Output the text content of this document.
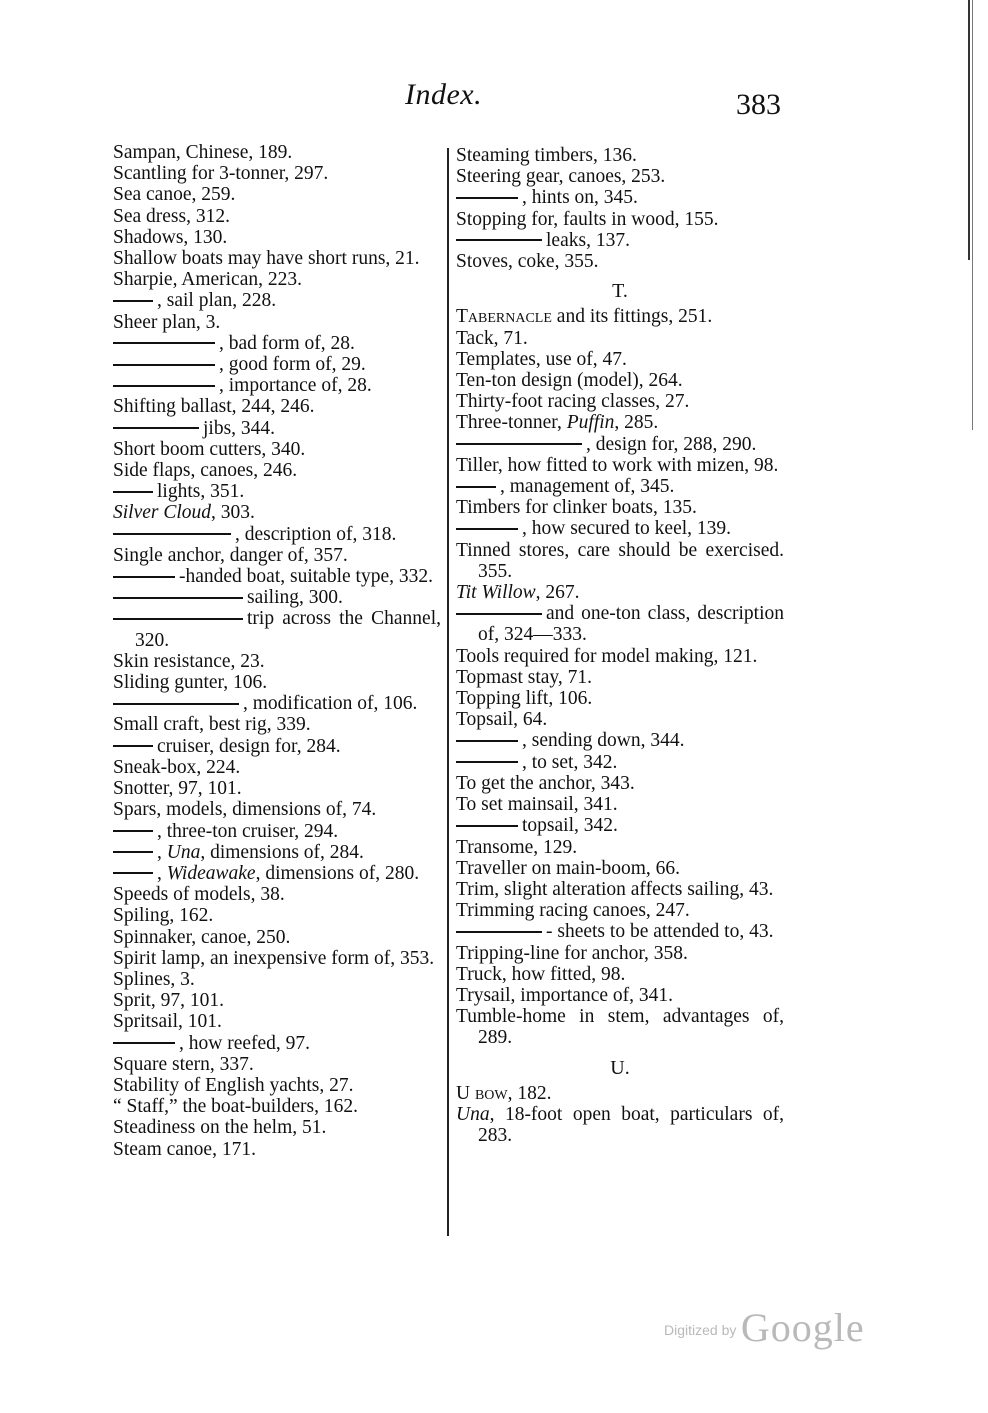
Index.	383
Sampan, Chinese, 189.
Scantling for 3-tonner, 297.
Sea canoe, 259.
Sea dress, 312.
Shadows, 130.
Shallow boats may have short runs, 21.
Sharpie, American, 223.
, sail plan, 228.
Sheer plan, 3.
, bad form of, 28.
, good form of, 29.
, importance of, 28.
Shifting ballast, 244, 246.
jibs, 344.
Short boom cutters, 340.
Side flaps, canoes, 246.
lights, 351.
Silver Cloud, 303.
, description of, 318.
Single anchor, danger of, 357.
-handed boat, suitable type, 332.
sailing, 300.
trip across the Channel, 320.
Skin resistance, 23.
Sliding gunter, 106.
, modification of, 106.
Small craft, best rig, 339.
cruiser, design for, 284.
Sneak-box, 224.
Snotter, 97, 101.
Spars, models, dimensions of, 74.
, three-ton cruiser, 294.
, Una, dimensions of, 284.
, Wideawake, dimensions of, 280.
Speeds of models, 38.
Spiling, 162.
Spinnaker, canoe, 250.
Spirit lamp, an inexpensive form of, 353.
Splines, 3.
Sprit, 97, 101.
Spritsail, 101.
, how reefed, 97.
Square stern, 337.
Stability of English yachts, 27.
“ Staff,” the boat-builders, 162.
Steadiness on the helm, 51.
Steam canoe, 171.
Steaming timbers, 136.
Steering gear, canoes, 253.
, hints on, 345.
Stopping for, faults in wood, 155.
leaks, 137.
Stoves, coke, 355.
T.
Tabernacle and its fittings, 251.
Tack, 71.
Templates, use of, 47.
Ten-ton design (model), 264.
Thirty-foot racing classes, 27.
Three-tonner, Puffin, 285.
, design for, 288, 290.
Tiller, how fitted to work with mizen, 98.
, management of, 345.
Timbers for clinker boats, 135.
, how secured to keel, 139.
Tinned stores, care should be exercised. 355.
Tit Willow, 267.
and one-ton class, description of, 324—333.
Tools required for model making, 121.
Topmast stay, 71.
Topping lift, 106.
Topsail, 64.
, sending down, 344.
, to set, 342.
To get the anchor, 343.
To set mainsail, 341.
topsail, 342.
Transome, 129.
Traveller on main-boom, 66.
Trim, slight alteration affects sailing, 43.
Trimming racing canoes, 247.
- sheets to be attended to, 43.
Tripping-line for anchor, 358.
Truck, how fitted, 98.
Trysail, importance of, 341.
Tumble-home in stem, advantages of, 289.
U.
U bow, 182.
Una, 18-foot open boat, particulars of, 283.
Digitized by Google
